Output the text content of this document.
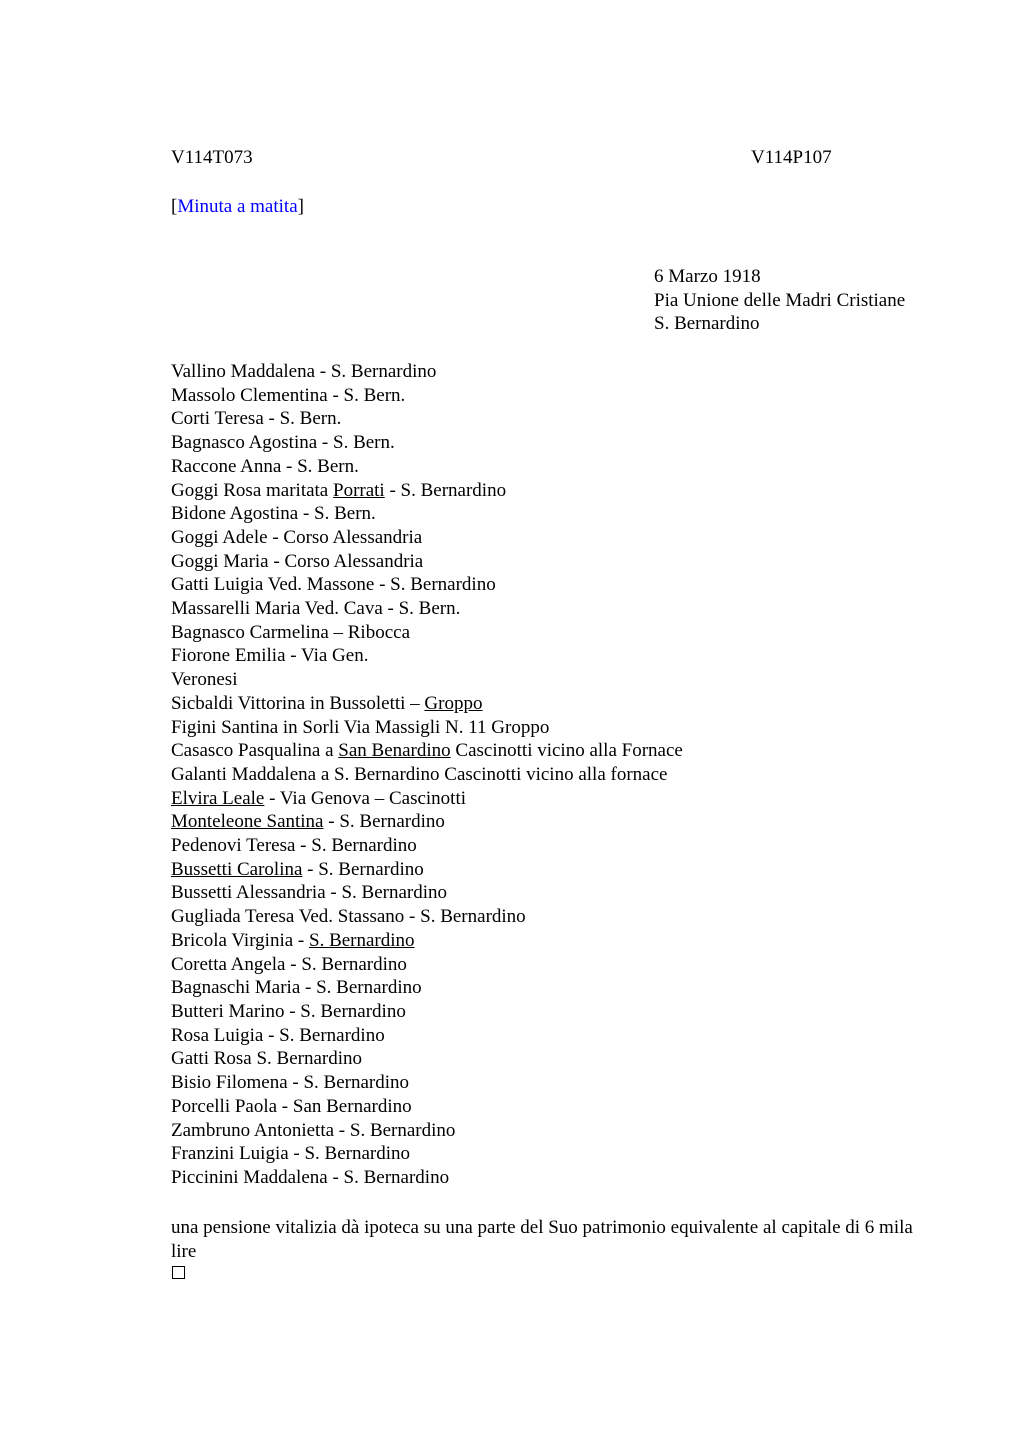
V114T073	V114P107
[Minuta a matita]
6 Marzo 1918
Pia Unione delle Madri Cristiane
S. Bernardino
Vallino Maddalena - S. Bernardino
Massolo Clementina - S. Bern.
Corti Teresa - S. Bern.
Bagnasco Agostina - S. Bern.
Raccone Anna - S. Bern.
Goggi Rosa maritata Porrati - S. Bernardino
Bidone Agostina - S. Bern.
Goggi Adele - Corso Alessandria
Goggi Maria - Corso Alessandria
Gatti Luigia Ved. Massone - S. Bernardino
Massarelli Maria Ved. Cava - S. Bern.
Bagnasco Carmelina – Ribocca
Fiorone Emilia - Via Gen.
Veronesi
Sicbaldi Vittorina in Bussoletti – Groppo
Figini Santina in Sorli Via Massigli N. 11 Groppo
Casasco Pasqualina a San Benardino Cascinotti vicino alla Fornace
Galanti Maddalena a S. Bernardino Cascinotti vicino alla fornace
Elvira Leale - Via Genova – Cascinotti
Monteleone Santina - S. Bernardino
Pedenovi Teresa - S. Bernardino
Bussetti Carolina - S. Bernardino
Bussetti Alessandria - S. Bernardino
Gugliada Teresa Ved. Stassano - S. Bernardino
Bricola Virginia - S. Bernardino
Coretta Angela - S. Bernardino
Bagnaschi Maria - S. Bernardino
Butteri Marino - S. Bernardino
Rosa Luigia - S. Bernardino
Gatti Rosa S. Bernardino
Bisio Filomena - S. Bernardino
Porcelli Paola - San Bernardino
Zambruno Antonietta - S. Bernardino
Franzini Luigia - S. Bernardino
Piccinini Maddalena - S. Bernardino
una pensione vitalizia dà ipoteca su una parte del Suo patrimonio equivalente al capitale di 6 mila lire
